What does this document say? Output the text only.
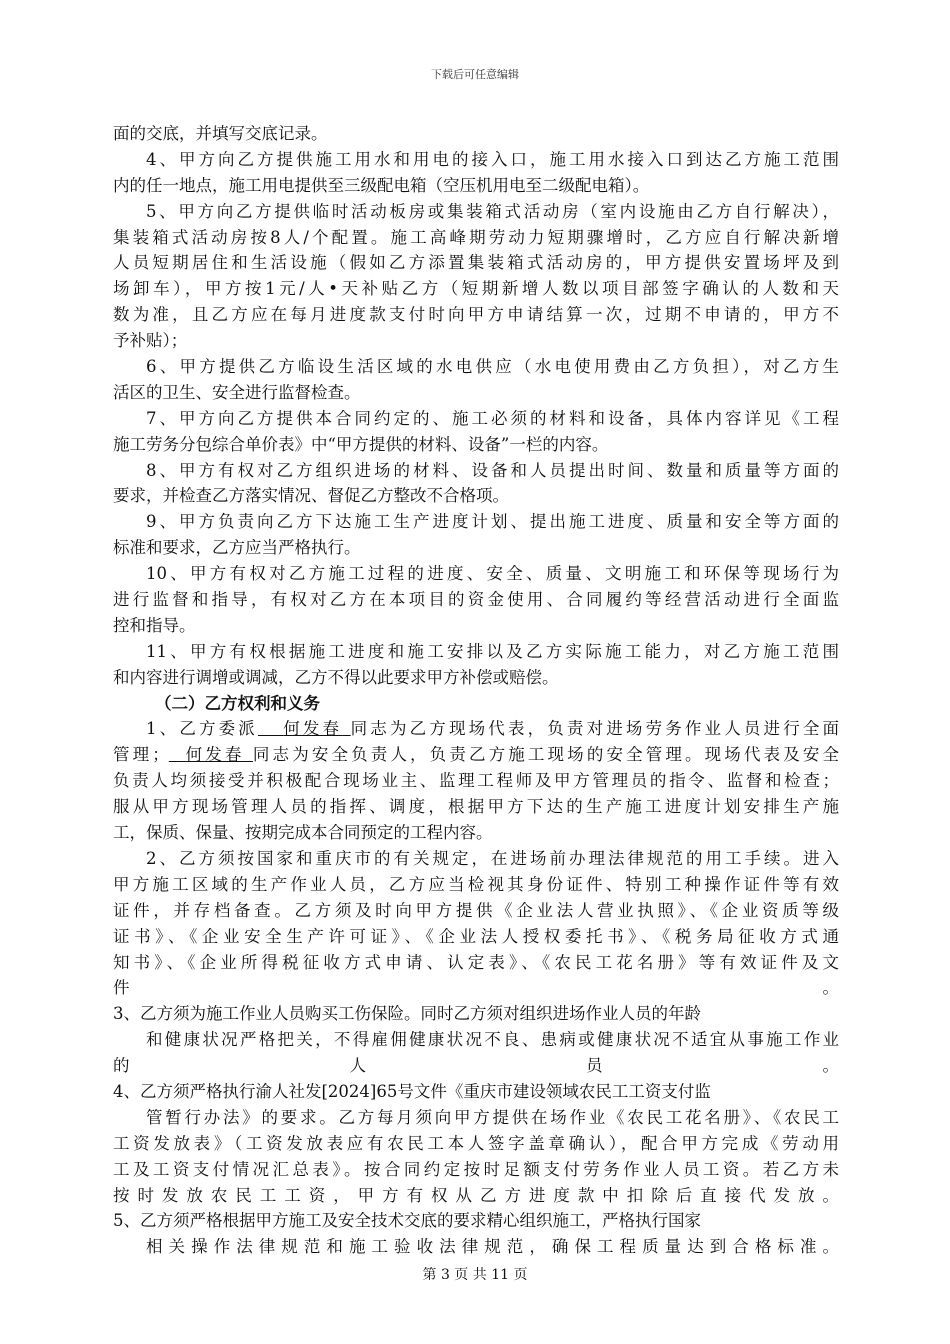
下载后可任意编辑
面的交底，并填写交底记录。
4、甲方向乙方提供施工用水和用电的接入口，施工用水接入口到达乙方施工范围
内的任一地点，施工用电提供至三级配电箱（空压机用电至二级配电箱）。
5、甲方向乙方提供临时活动板房或集装箱式活动房（室内设施由乙方自行解决），
集装箱式活动房按8人/个配置。施工高峰期劳动力短期骤增时，乙方应自行解决新增
人员短期居住和生活设施（假如乙方添置集装箱式活动房的，甲方提供安置场坪及到
场卸车），甲方按1元/人•天补贴乙方（短期新增人数以项目部签字确认的人数和天
数为准，且乙方应在每月进度款支付时向甲方申请结算一次，过期不申请的，甲方不
予补贴）；
6、甲方提供乙方临设生活区域的水电供应（水电使用费由乙方负担），对乙方生
活区的卫生、安全进行监督检查。
7、甲方向乙方提供本合同约定的、施工必须的材料和设备，具体内容详见《工程
施工劳务分包综合单价表》中“甲方提供的材料、设备”一栏的内容。
8、甲方有权对乙方组织进场的材料、设备和人员提出时间、数量和质量等方面的
要求，并检查乙方落实情况、督促乙方整改不合格项。
9、甲方负责向乙方下达施工生产进度计划、提出施工进度、质量和安全等方面的
标准和要求，乙方应当严格执行。
10、甲方有权对乙方施工过程的进度、安全、质量、文明施工和环保等现场行为
进行监督和指导，有权对乙方在本项目的资金使用、合同履约等经营活动进行全面监
控和指导。
11、甲方有权根据施工进度和施工安排以及乙方实际施工能力，对乙方施工范围
和内容进行调增或调减，乙方不得以此要求甲方补偿或赔偿。
（二）乙方权利和义务
1、乙方委派 何发春 同志为乙方现场代表，负责对进场劳务作业人员进行全面
管理； 何发春 同志为安全负责人，负责乙方施工现场的安全管理。现场代表及安全
负责人均须接受并积极配合现场业主、监理工程师及甲方管理员的指令、监督和检查；
服从甲方现场管理人员的指挥、调度，根据甲方下达的生产施工进度计划安排生产施
工，保质、保量、按期完成本合同预定的工程内容。
2、乙方须按国家和重庆市的有关规定，在进场前办理法律规范的用工手续。进入
甲方施工区域的生产作业人员，乙方应当检视其身份证件、特别工种操作证件等有效
证件，并存档备查。乙方须及时向甲方提供《企业法人营业执照》、《企业资质等级
证书》、《企业安全生产许可证》、《企业法人授权委托书》、《税务局征收方式通
知书》、《企业所得税征收方式申请、认定表》、《农民工花名册》等有效证件及文
件。
3、乙方须为施工作业人员购买工伤保险。同时乙方须对组织进场作业人员的年龄
和健康状况严格把关，不得雇佣健康状况不良、患病或健康状况不适宜从事施工作业
的人员。
4、乙方须严格执行渝人社发[2024]65号文件《重庆市建设领域农民工工资支付监
管暂行办法》的要求。乙方每月须向甲方提供在场作业《农民工花名册》、《农民工
工资发放表》（工资发放表应有农民工本人签字盖章确认），配合甲方完成《劳动用
工及工资支付情况汇总表》。按合同约定按时足额支付劳务作业人员工资。若乙方未
按时发放农民工工资，甲方有权从乙方进度款中扣除后直接代发放。
5、乙方须严格根据甲方施工及安全技术交底的要求精心组织施工，严格执行国家
相关操作法律规范和施工验收法律规范，确保工程质量达到合格标准。
第 3 页 共 11 页
